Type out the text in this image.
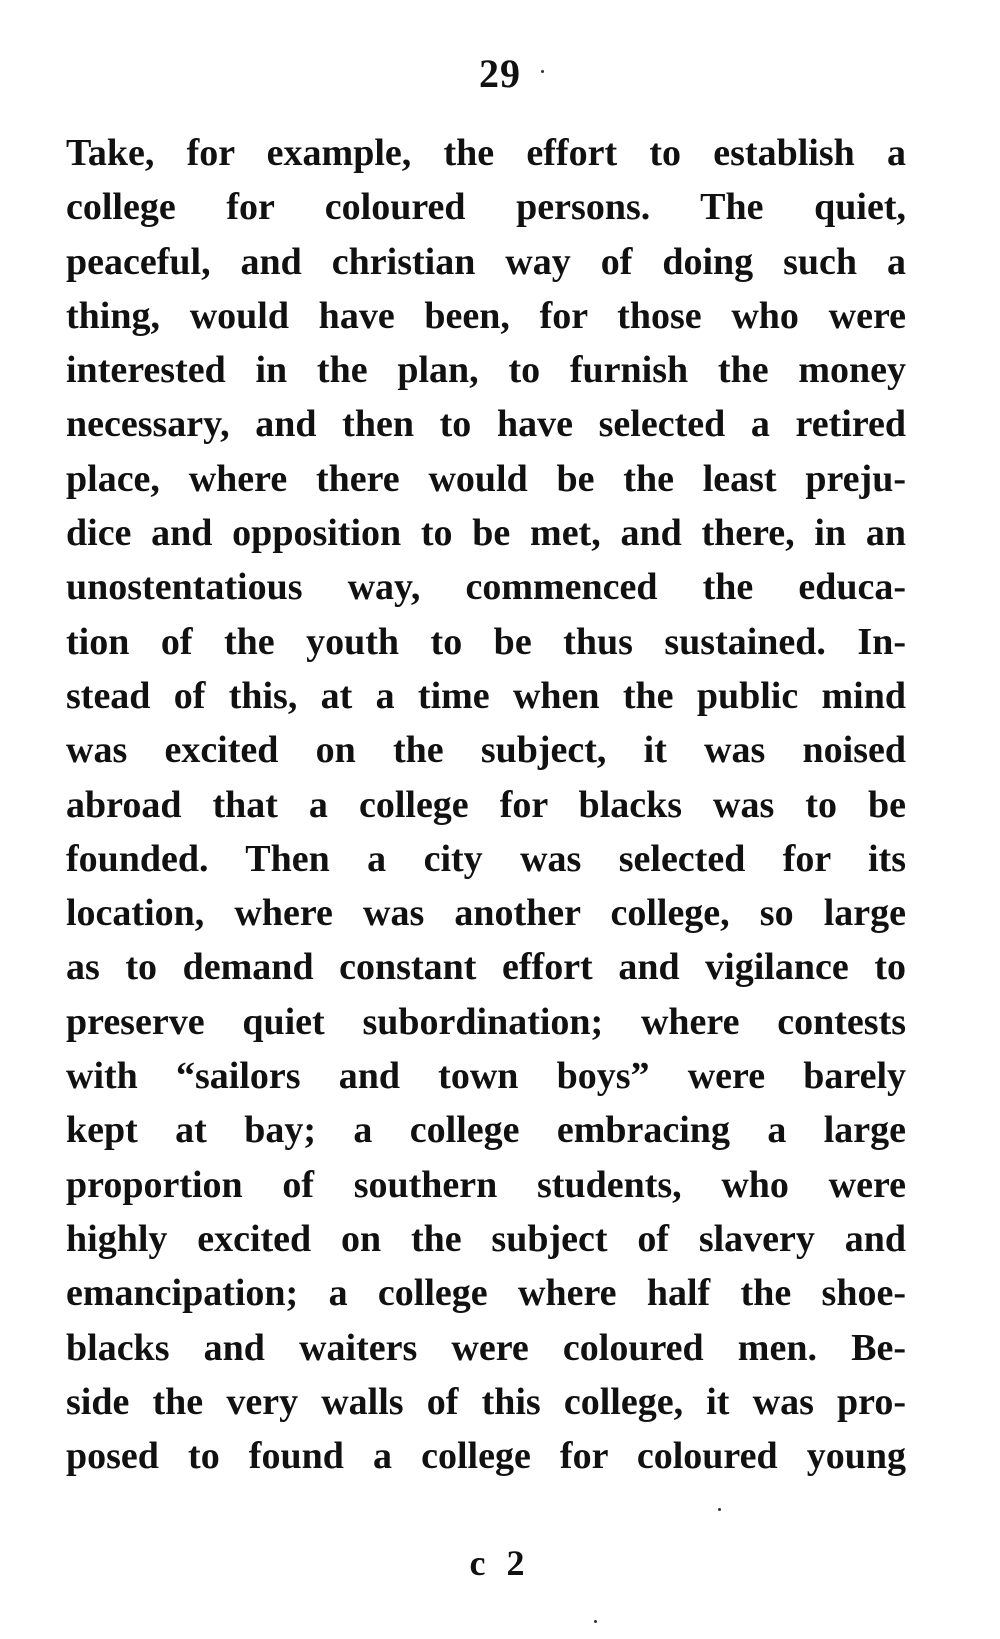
29
Take, for example, the effort to establish a
college for coloured persons. The quiet,
peaceful, and christian way of doing such a
thing, would have been, for those who were
interested in the plan, to furnish the money
necessary, and then to have selected a retired
place, where there would be the least preju-
dice and opposition to be met, and there, in an
unostentatious way, commenced the educa-
tion of the youth to be thus sustained. In-
stead of this, at a time when the public mind
was excited on the subject, it was noised
abroad that a college for blacks was to be
founded. Then a city was selected for its
location, where was another college, so large
as to demand constant effort and vigilance to
preserve quiet subordination; where contests
with “sailors and town boys” were barely
kept at bay; a college embracing a large
proportion of southern students, who were
highly excited on the subject of slavery and
emancipation; a college where half the shoe-
blacks and waiters were coloured men. Be-
side the very walls of this college, it was pro-
posed to found a college for coloured young
c 2
